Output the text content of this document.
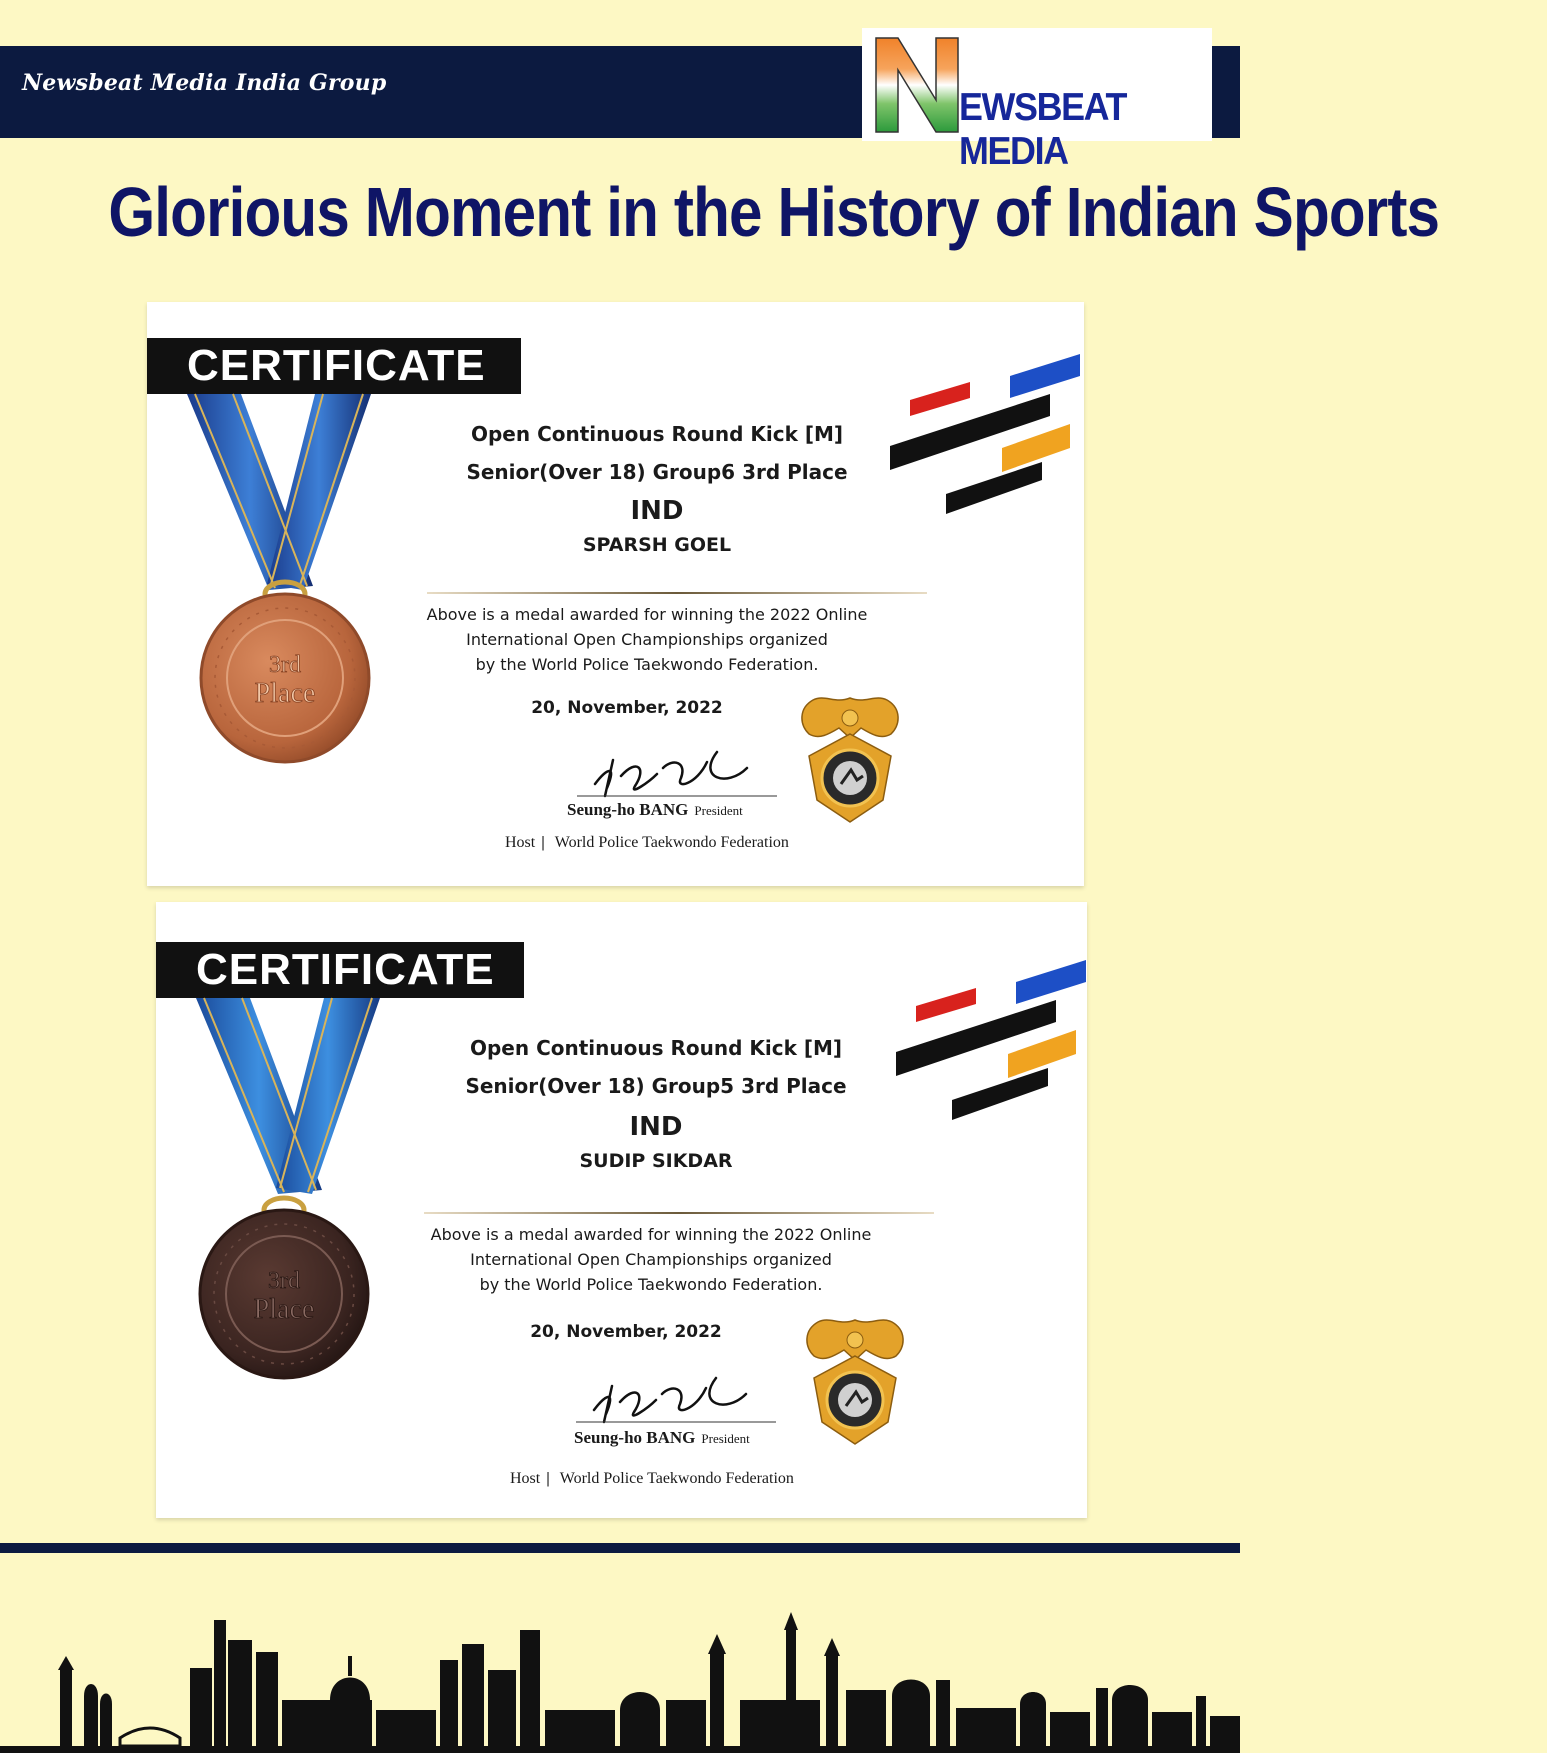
Newsbeat Media India Group
EWSBEAT MEDIA
Glorious Moment in the History of Indian Sports
CERTIFICATE
3rd
Place
Open Continuous Round Kick [M]
Senior(Over 18) Group6 3rd Place
IND
SPARSH GOEL
Above is a medal awarded for winning the 2022 Online
International Open Championships organized
by the World Police Taekwondo Federation.
20, November, 2022
Seung-ho BANG President
Host | World Police Taekwondo Federation
CERTIFICATE
3rd
Place
Open Continuous Round Kick [M]
Senior(Over 18) Group5 3rd Place
IND
SUDIP SIKDAR
Above is a medal awarded for winning the 2022 Online
International Open Championships organized
by the World Police Taekwondo Federation.
20, November, 2022
Seung-ho BANG President
Host | World Police Taekwondo Federation
